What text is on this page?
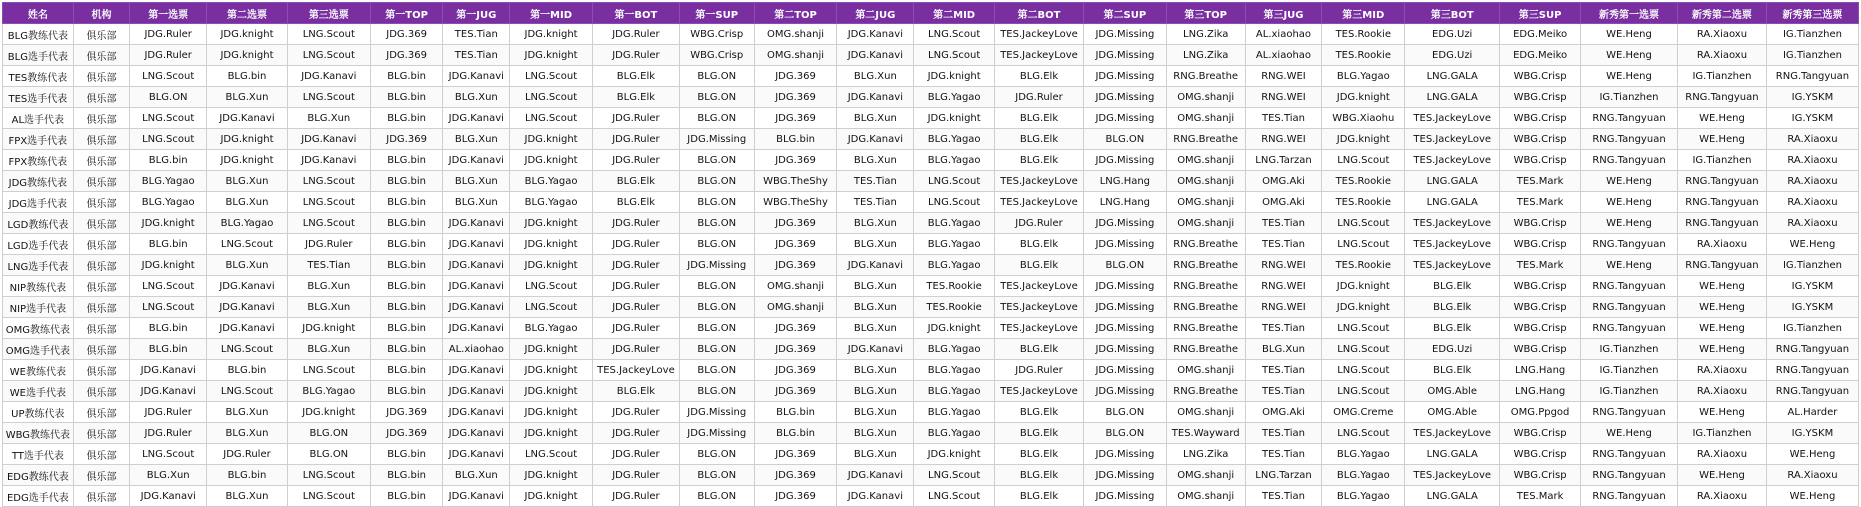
姓名	机构	第一选票	第二选票	第三选票	第一TOP	第一JUG	第一MID	第一BOT	第一SUP	第二TOP	第二JUG	第二MID	第二BOT	第二SUP	第三TOP	第三JUG	第三MID	第三BOT	第三SUP	新秀第一选票	新秀第二选票	新秀第三选票
BLG教练代表	俱乐部	JDG.Ruler	JDG.knight	LNG.Scout	JDG.369	TES.Tian	JDG.knight	JDG.Ruler	WBG.Crisp	OMG.shanji	JDG.Kanavi	LNG.Scout	TES.JackeyLove	JDG.Missing	LNG.Zika	AL.xiaohao	TES.Rookie	EDG.Uzi	EDG.Meiko	WE.Heng	RA.Xiaoxu	IG.Tianzhen
BLG选手代表	俱乐部	JDG.Ruler	JDG.knight	LNG.Scout	JDG.369	TES.Tian	JDG.knight	JDG.Ruler	WBG.Crisp	OMG.shanji	JDG.Kanavi	LNG.Scout	TES.JackeyLove	JDG.Missing	LNG.Zika	AL.xiaohao	TES.Rookie	EDG.Uzi	EDG.Meiko	WE.Heng	RA.Xiaoxu	IG.Tianzhen
TES教练代表	俱乐部	LNG.Scout	BLG.bin	JDG.Kanavi	BLG.bin	JDG.Kanavi	LNG.Scout	BLG.Elk	BLG.ON	JDG.369	BLG.Xun	JDG.knight	BLG.Elk	JDG.Missing	RNG.Breathe	RNG.WEI	BLG.Yagao	LNG.GALA	WBG.Crisp	WE.Heng	IG.Tianzhen	RNG.Tangyuan
TES选手代表	俱乐部	BLG.ON	BLG.Xun	LNG.Scout	BLG.bin	BLG.Xun	LNG.Scout	BLG.Elk	BLG.ON	JDG.369	JDG.Kanavi	BLG.Yagao	JDG.Ruler	JDG.Missing	OMG.shanji	RNG.WEI	JDG.knight	LNG.GALA	WBG.Crisp	IG.Tianzhen	RNG.Tangyuan	IG.YSKM
AL选手代表	俱乐部	LNG.Scout	JDG.Kanavi	BLG.Xun	BLG.bin	JDG.Kanavi	LNG.Scout	JDG.Ruler	BLG.ON	JDG.369	BLG.Xun	JDG.knight	BLG.Elk	JDG.Missing	OMG.shanji	TES.Tian	WBG.Xiaohu	TES.JackeyLove	WBG.Crisp	RNG.Tangyuan	WE.Heng	IG.YSKM
FPX选手代表	俱乐部	LNG.Scout	JDG.knight	JDG.Kanavi	JDG.369	BLG.Xun	JDG.knight	JDG.Ruler	JDG.Missing	BLG.bin	JDG.Kanavi	BLG.Yagao	BLG.Elk	BLG.ON	RNG.Breathe	RNG.WEI	JDG.knight	TES.JackeyLove	WBG.Crisp	RNG.Tangyuan	WE.Heng	RA.Xiaoxu
FPX教练代表	俱乐部	BLG.bin	JDG.knight	JDG.Kanavi	BLG.bin	JDG.Kanavi	JDG.knight	JDG.Ruler	BLG.ON	JDG.369	BLG.Xun	BLG.Yagao	BLG.Elk	JDG.Missing	OMG.shanji	LNG.Tarzan	LNG.Scout	TES.JackeyLove	WBG.Crisp	RNG.Tangyuan	IG.Tianzhen	RA.Xiaoxu
JDG教练代表	俱乐部	BLG.Yagao	BLG.Xun	LNG.Scout	BLG.bin	BLG.Xun	BLG.Yagao	BLG.Elk	BLG.ON	WBG.TheShy	TES.Tian	LNG.Scout	TES.JackeyLove	LNG.Hang	OMG.shanji	OMG.Aki	TES.Rookie	LNG.GALA	TES.Mark	WE.Heng	RNG.Tangyuan	RA.Xiaoxu
JDG选手代表	俱乐部	BLG.Yagao	BLG.Xun	LNG.Scout	BLG.bin	BLG.Xun	BLG.Yagao	BLG.Elk	BLG.ON	WBG.TheShy	TES.Tian	LNG.Scout	TES.JackeyLove	LNG.Hang	OMG.shanji	OMG.Aki	TES.Rookie	LNG.GALA	TES.Mark	WE.Heng	RNG.Tangyuan	RA.Xiaoxu
LGD教练代表	俱乐部	JDG.knight	BLG.Yagao	LNG.Scout	BLG.bin	JDG.Kanavi	JDG.knight	JDG.Ruler	BLG.ON	JDG.369	BLG.Xun	BLG.Yagao	JDG.Ruler	JDG.Missing	OMG.shanji	TES.Tian	LNG.Scout	TES.JackeyLove	WBG.Crisp	WE.Heng	RNG.Tangyuan	RA.Xiaoxu
LGD选手代表	俱乐部	BLG.bin	LNG.Scout	JDG.Ruler	BLG.bin	JDG.Kanavi	JDG.knight	JDG.Ruler	BLG.ON	JDG.369	BLG.Xun	BLG.Yagao	BLG.Elk	JDG.Missing	RNG.Breathe	TES.Tian	LNG.Scout	TES.JackeyLove	WBG.Crisp	RNG.Tangyuan	RA.Xiaoxu	WE.Heng
LNG选手代表	俱乐部	JDG.knight	BLG.Xun	TES.Tian	BLG.bin	JDG.Kanavi	JDG.knight	JDG.Ruler	JDG.Missing	JDG.369	JDG.Kanavi	BLG.Yagao	BLG.Elk	BLG.ON	RNG.Breathe	RNG.WEI	TES.Rookie	TES.JackeyLove	TES.Mark	WE.Heng	RNG.Tangyuan	IG.Tianzhen
NIP教练代表	俱乐部	LNG.Scout	JDG.Kanavi	BLG.Xun	BLG.bin	JDG.Kanavi	LNG.Scout	JDG.Ruler	BLG.ON	OMG.shanji	BLG.Xun	TES.Rookie	TES.JackeyLove	JDG.Missing	RNG.Breathe	RNG.WEI	JDG.knight	BLG.Elk	WBG.Crisp	RNG.Tangyuan	WE.Heng	IG.YSKM
NIP选手代表	俱乐部	LNG.Scout	JDG.Kanavi	BLG.Xun	BLG.bin	JDG.Kanavi	LNG.Scout	JDG.Ruler	BLG.ON	OMG.shanji	BLG.Xun	TES.Rookie	TES.JackeyLove	JDG.Missing	RNG.Breathe	RNG.WEI	JDG.knight	BLG.Elk	WBG.Crisp	RNG.Tangyuan	WE.Heng	IG.YSKM
OMG教练代表	俱乐部	BLG.bin	JDG.Kanavi	JDG.knight	BLG.bin	JDG.Kanavi	BLG.Yagao	JDG.Ruler	BLG.ON	JDG.369	BLG.Xun	JDG.knight	TES.JackeyLove	JDG.Missing	RNG.Breathe	TES.Tian	LNG.Scout	BLG.Elk	WBG.Crisp	RNG.Tangyuan	WE.Heng	IG.Tianzhen
OMG选手代表	俱乐部	BLG.bin	LNG.Scout	BLG.Xun	BLG.bin	AL.xiaohao	JDG.knight	JDG.Ruler	BLG.ON	JDG.369	JDG.Kanavi	BLG.Yagao	BLG.Elk	JDG.Missing	RNG.Breathe	BLG.Xun	LNG.Scout	EDG.Uzi	WBG.Crisp	IG.Tianzhen	WE.Heng	RNG.Tangyuan
WE教练代表	俱乐部	JDG.Kanavi	BLG.bin	LNG.Scout	BLG.bin	JDG.Kanavi	JDG.knight	TES.JackeyLove	BLG.ON	JDG.369	BLG.Xun	BLG.Yagao	JDG.Ruler	JDG.Missing	OMG.shanji	TES.Tian	LNG.Scout	BLG.Elk	LNG.Hang	IG.Tianzhen	RA.Xiaoxu	RNG.Tangyuan
WE选手代表	俱乐部	JDG.Kanavi	LNG.Scout	BLG.Yagao	BLG.bin	JDG.Kanavi	JDG.knight	BLG.Elk	BLG.ON	JDG.369	BLG.Xun	BLG.Yagao	TES.JackeyLove	JDG.Missing	RNG.Breathe	TES.Tian	LNG.Scout	OMG.Able	LNG.Hang	IG.Tianzhen	RA.Xiaoxu	RNG.Tangyuan
UP教练代表	俱乐部	JDG.Ruler	BLG.Xun	JDG.knight	JDG.369	JDG.Kanavi	JDG.knight	JDG.Ruler	JDG.Missing	BLG.bin	BLG.Xun	BLG.Yagao	BLG.Elk	BLG.ON	OMG.shanji	OMG.Aki	OMG.Creme	OMG.Able	OMG.Ppgod	RNG.Tangyuan	WE.Heng	AL.Harder
WBG教练代表	俱乐部	JDG.Ruler	BLG.Xun	BLG.ON	JDG.369	JDG.Kanavi	JDG.knight	JDG.Ruler	JDG.Missing	BLG.bin	BLG.Xun	BLG.Yagao	BLG.Elk	BLG.ON	TES.Wayward	TES.Tian	LNG.Scout	TES.JackeyLove	WBG.Crisp	WE.Heng	IG.Tianzhen	IG.YSKM
TT选手代表	俱乐部	LNG.Scout	JDG.Ruler	BLG.ON	BLG.bin	JDG.Kanavi	LNG.Scout	JDG.Ruler	BLG.ON	JDG.369	BLG.Xun	JDG.knight	BLG.Elk	JDG.Missing	LNG.Zika	TES.Tian	BLG.Yagao	LNG.GALA	WBG.Crisp	RNG.Tangyuan	RA.Xiaoxu	WE.Heng
EDG教练代表	俱乐部	BLG.Xun	BLG.bin	LNG.Scout	BLG.bin	BLG.Xun	JDG.knight	JDG.Ruler	BLG.ON	JDG.369	JDG.Kanavi	LNG.Scout	BLG.Elk	JDG.Missing	OMG.shanji	LNG.Tarzan	BLG.Yagao	TES.JackeyLove	WBG.Crisp	RNG.Tangyuan	WE.Heng	RA.Xiaoxu
EDG选手代表	俱乐部	JDG.Kanavi	BLG.Xun	LNG.Scout	BLG.bin	JDG.Kanavi	JDG.knight	JDG.Ruler	BLG.ON	JDG.369	JDG.Kanavi	LNG.Scout	BLG.Elk	JDG.Missing	OMG.shanji	TES.Tian	BLG.Yagao	LNG.GALA	TES.Mark	RNG.Tangyuan	RA.Xiaoxu	WE.Heng
